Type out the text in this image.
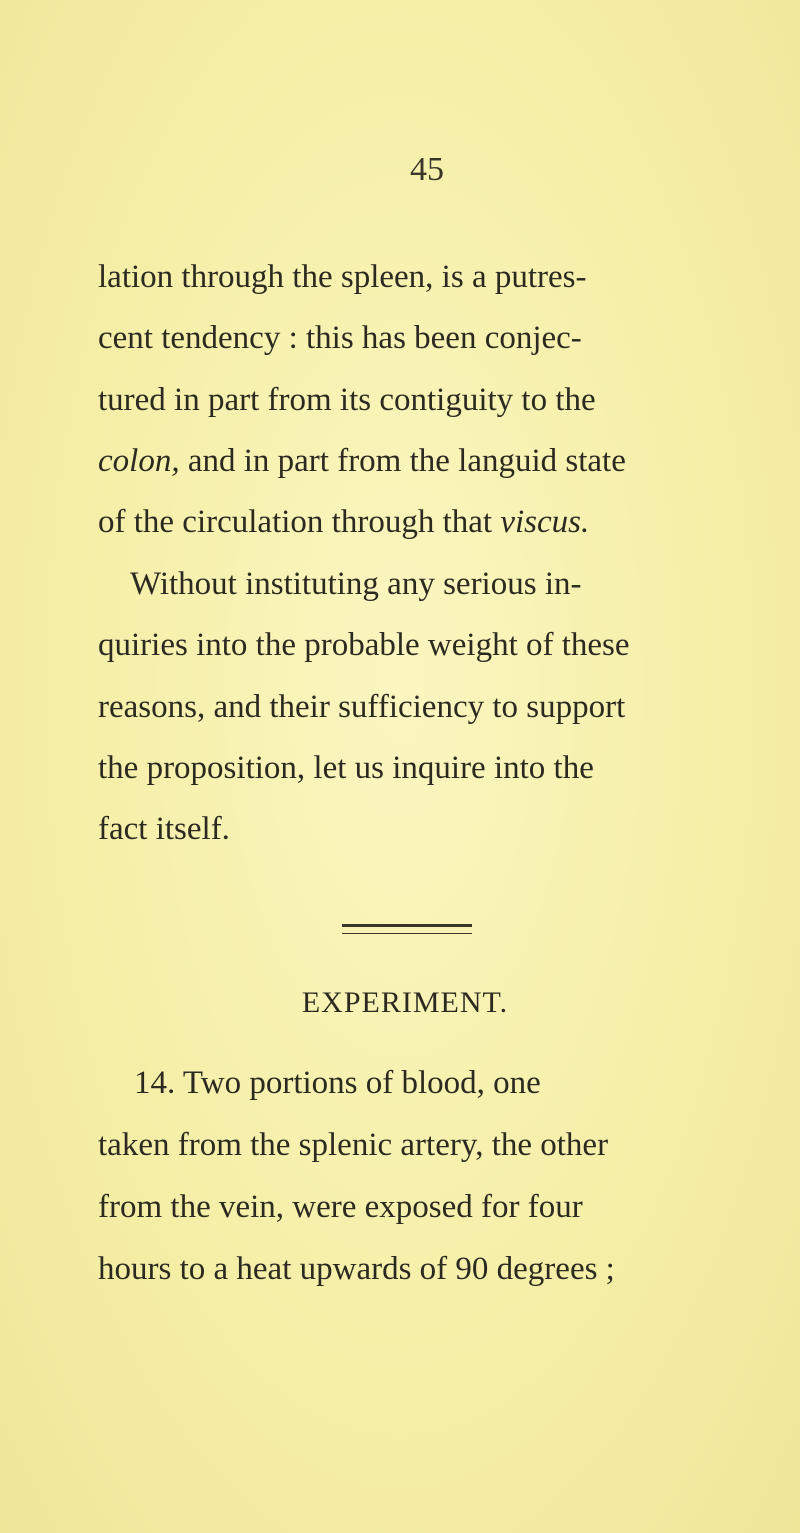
45
lation through the spleen, is a putres-
cent tendency : this has been conjec-
tured in part from its contiguity to the
colon, and in part from the languid state
of the circulation through that viscus.
Without instituting any serious in-
quiries into the probable weight of these
reasons, and their sufficiency to support
the proposition, let us inquire into the
fact itself.
EXPERIMENT.
14. Two portions of blood, one
taken from the splenic artery, the other
from the vein, were exposed for four
hours to a heat upwards of 90 degrees ;
